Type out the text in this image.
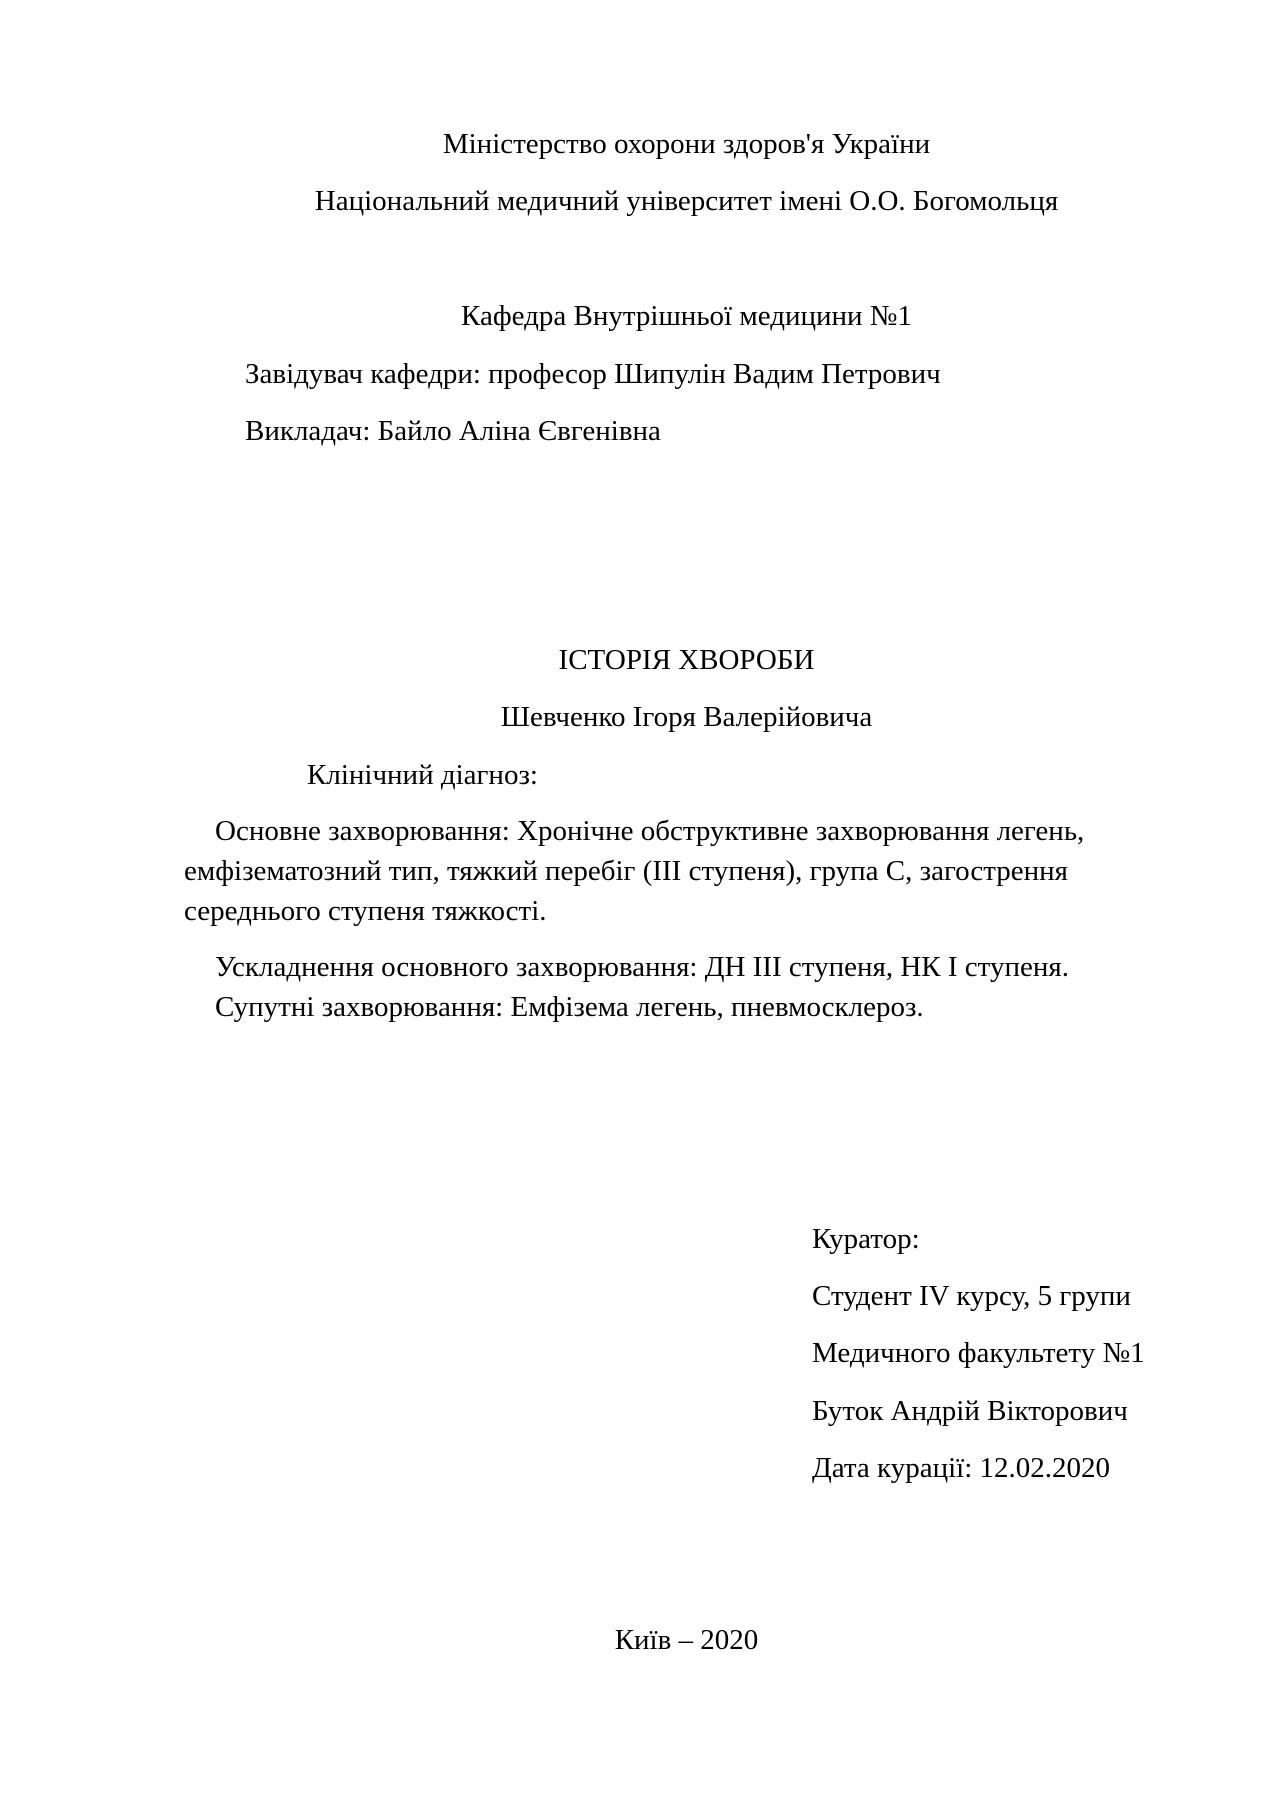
Міністерство охорони здоров'я України
Національний медичний університет імені О.О. Богомольця
Кафедра Внутрішньої медицини №1
Завідувач кафедри: професор Шипулін Вадим Петрович
Викладач: Байло Аліна Євгенівна
ІСТОРІЯ ХВОРОБИ
Шевченко Ігоря Валерійовича
Клінічний діагноз:
Основне захворювання: Хронічне обструктивне захворювання легень, емфізематозний тип, тяжкий перебіг (ІІІ ступеня), група С, загострення середнього ступеня тяжкості.
Ускладнення основного захворювання: ДН ІІІ ступеня, НК І ступеня.
Супутні захворювання: Емфізема легень, пневмосклероз.
Куратор:
Студент IV курсу, 5 групи
Медичного факультету №1
Буток Андрій Вікторович
Дата курації: 12.02.2020
Київ – 2020
